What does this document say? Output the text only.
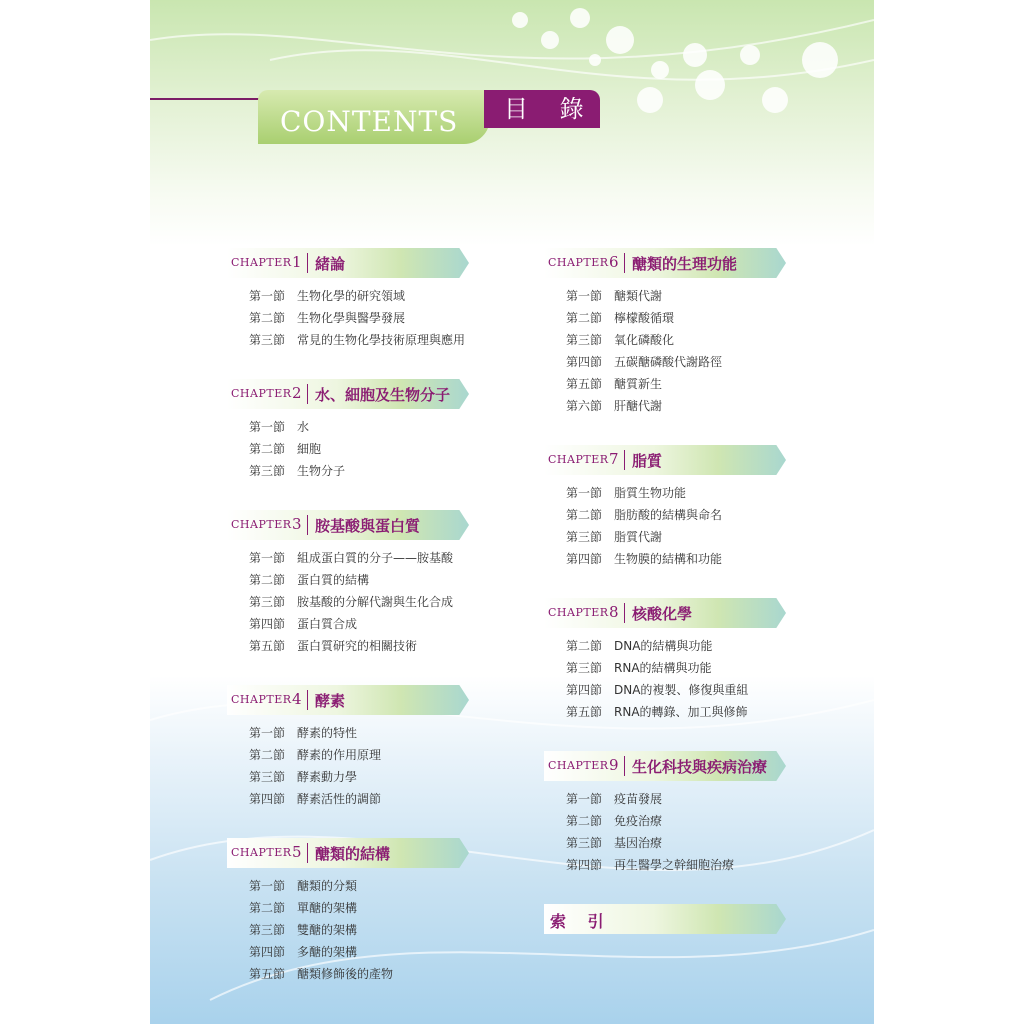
CONTENTS	目 錄
CHAPTER 1 緒論
第一節 生物化學的研究領域
第二節 生物化學與醫學發展
第三節 常見的生物化學技術原理與應用
CHAPTER 2 水、細胞及生物分子
第一節 水
第二節 細胞
第三節 生物分子
CHAPTER 3 胺基酸與蛋白質
第一節 組成蛋白質的分子——胺基酸
第二節 蛋白質的結構
第三節 胺基酸的分解代謝與生化合成
第四節 蛋白質合成
第五節 蛋白質研究的相關技術
CHAPTER 4 酵素
第一節 酵素的特性
第二節 酵素的作用原理
第三節 酵素動力學
第四節 酵素活性的調節
CHAPTER 5 醣類的結構
第一節 醣類的分類
第二節 單醣的架構
第三節 雙醣的架構
第四節 多醣的架構
第五節 醣類修飾後的產物
CHAPTER 6 醣類的生理功能
第一節 醣類代謝
第二節 檸檬酸循環
第三節 氧化磷酸化
第四節 五碳醣磷酸代謝路徑
第五節 醣質新生
第六節 肝醣代謝
CHAPTER 7 脂質
第一節 脂質生物功能
第二節 脂肪酸的結構與命名
第三節 脂質代謝
第四節 生物膜的結構和功能
CHAPTER 8 核酸化學
第二節 DNA的結構與功能
第三節 RNA的結構與功能
第四節 DNA的複製、修復與重組
第五節 RNA的轉錄、加工與修飾
CHAPTER 9 生化科技與疾病治療
第一節 疫苗發展
第二節 免疫治療
第三節 基因治療
第四節 再生醫學之幹細胞治療
索 引
